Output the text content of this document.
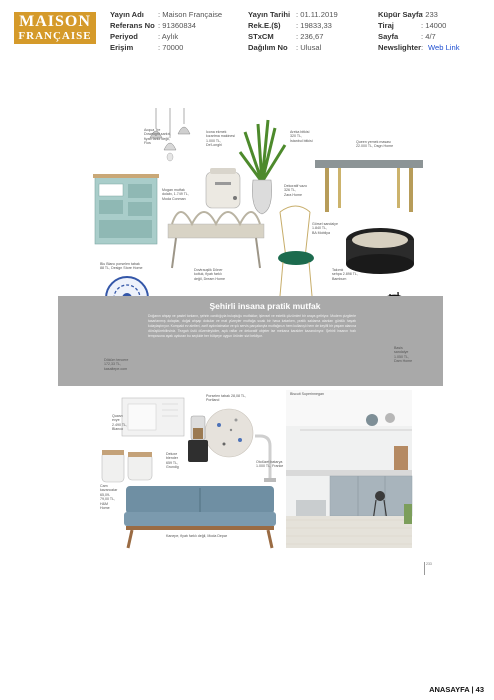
MAISON
FRANÇAISE
Yayın Adı : Maison Française
Referans No : 91360834
Periyod	: Aylık
Erişim	: 70000
Yayın Tarihi : 01.11.2019
Rek.E.($) : 19833,33
STxCM	: 236,67
Dağılım No : Ulusal
Küpür Sayfa
: 233
Tiraj	: 14000
Sayfa	: 4/7
Newslighter : Web Link
Şehirli insana pratik mutfak
Doğanın ahşap ve pastel tonların, şehrin canlılığıyla buluştuğu mutfaklar; işlevsel ve estetik çözümleri bir araya getiriyor. Modern çizgilerle tasarlanmış dolaplar, doğal ahşap dokular ve mat yüzeyler mutfağa sıcak bir hava katarken, pratik saklama alanları günlük hayatı kolaylaştırıyor. Kompakt ev aletleri, zarif aydınlatmalar ve şık servis parçalarıyla mutfağınızı hem kullanışlı hem de keyifli bir yaşam alanına dönüştürebilirsiniz. Tezgah üstü düzenleyiciler, açık raflar ve dekoratif objeler ise mekana karakter kazandırıyor. Şehirli insanın hızlı temposuna ayak uyduran bu seçkide her bütçeye uygun ürünler sizi bekliyor.
Acqua Tre
Downlight sarkıt,
fiyatı farklı değil,
Flos
Icona ekmek
kızartma makinesi
1.000 TL,
De'Longhi
Areka bitkisi
320 TL,
İstanbul bitkisi	Queen yemek masası
22.000 TL, Dsgn Home
Mogan mutfak
dolabı, 1.749 TL,
Moda Conman
Dekoratif vazo
326 TL,
Zara Home
Görsel sandalye
1.840 TL,
BA Mobilya
Dovtrauşlik Döner
koltuk, fiyatı farklı
değil, Dream Home
Takımlı
sehpa 2.898 TL,
Bambum
Blu Blanc porselen tabak
88 TL, Design Store Home
Döküm tencere
172,33 TL,
kasaltepe.com
Basis
sandalye
1.050 TL,
Dam Home
Quarzı
evye
2.490 TL,
Blanco
Porselen tabak 28,08 TL,
Portland
Deluxe
blender
659 TL,
Grundig
Otolüzet batarya
1.000 TL, Franke
Biscuit Superinnegan
Cam kavanozlar
65,09-
79,00 TL,
H&M
Home
Kanepe, fiyatı farklı değil, Moda Depar
233
ANASAYFA | 43
